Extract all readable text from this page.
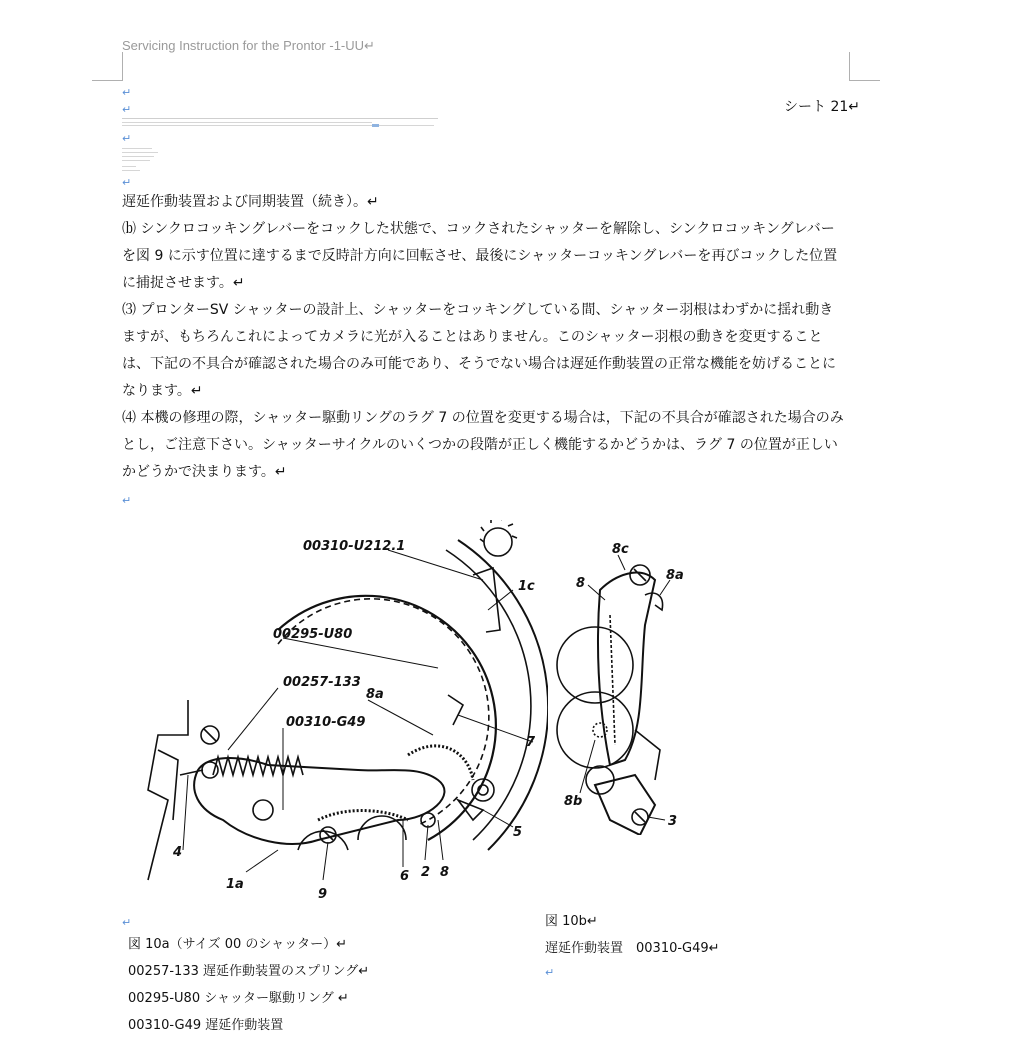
Servicing Instruction for the Prontor -1-UU↵
↵
↵	シート 21↵
↵
↵

遅延作動装置および同期装置（続き）。↵

⒝ シンクロコッキングレバーをコックした状態で、コックされたシャッターを解除し、シンクロコッキングレバー

を図 9 に示す位置に達するまで反時計方向に回転させ、最後にシャッターコッキングレバーを再びコックした位置

に捕捉させます。↵

⑶ プロンターSV シャッターの設計上、シャッターをコッキングしている間、シャッター羽根はわずかに揺れ動き

ますが、もちろんこれによってカメラに光が入ることはありません。このシャッター羽根の動きを変更すること

は、下記の不具合が確認された場合のみ可能であり、そうでない場合は遅延作動装置の正常な機能を妨げることに

なります。↵

⑷ 本機の修理の際，シャッター駆動リングのラグ 7 の位置を変更する場合は，下記の不具合が確認された場合のみ

とし，ご注意下さい。シャッターサイクルのいくつかの段階が正しく機能するかどうかは、ラグ 7 の位置が正しい

かどうかで決まります。↵

↵
00310-U212.1
00295-U80
00257-133
00310-G49
1c
8a
7
5
4
1a
9
6 2 8
8c
8
8a
8b
3
↵

図 10a（サイズ 00 のシャッター）↵

00257-133 遅延作動装置のスプリング↵

00295-U80 シャッター駆動リング ↵

00310-G49 遅延作動装置

図 10b↵

遅延作動装置　00310-G49↵

↵
